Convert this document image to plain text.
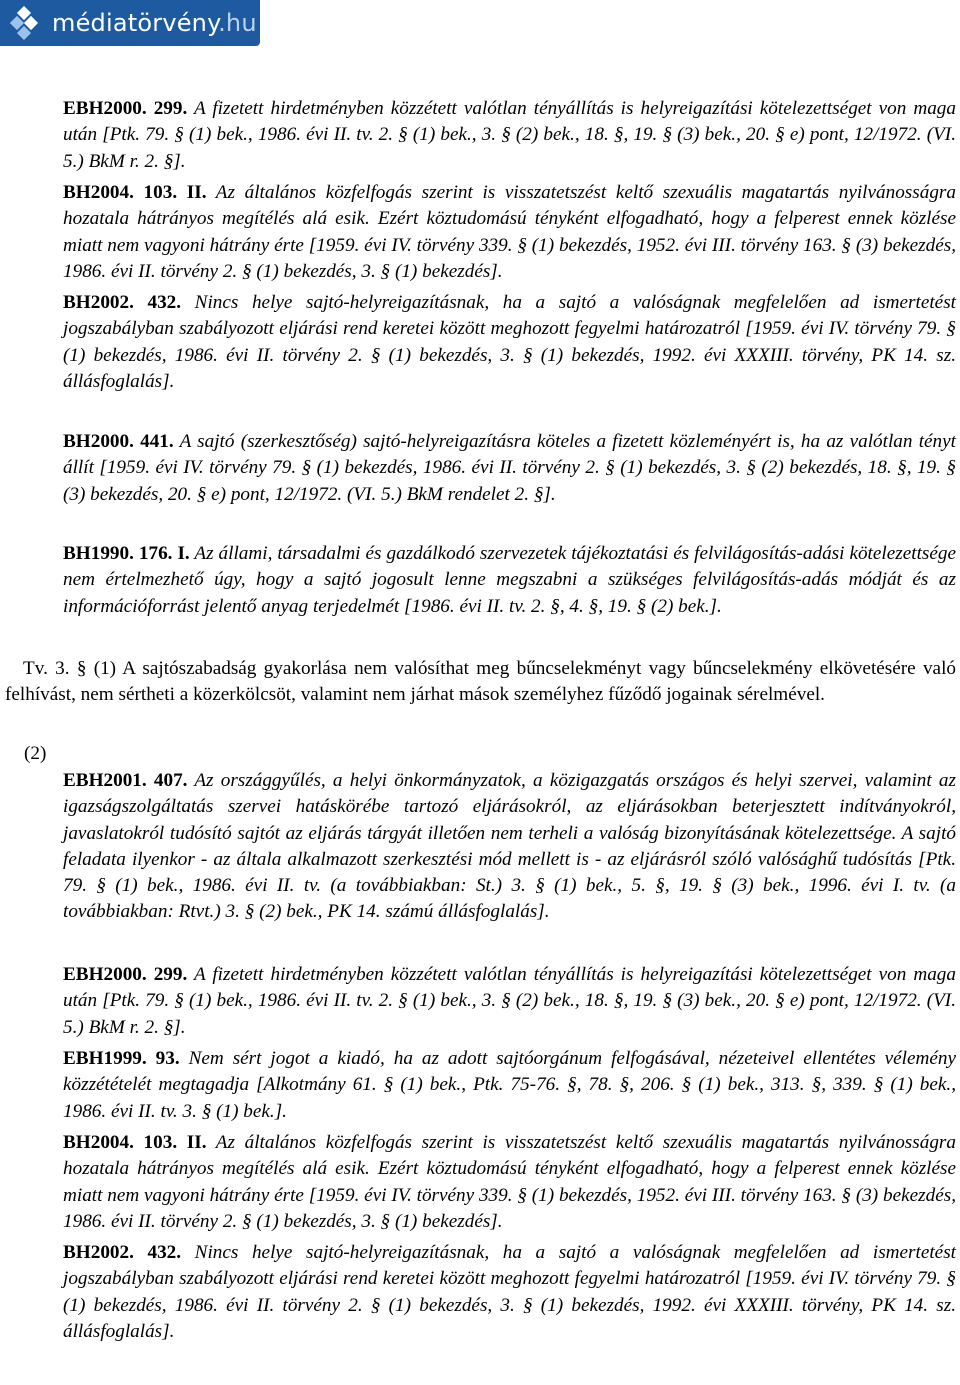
médiatörvény.hu

EBH2000. 299. A fizetett hirdetményben közzétett valótlan tényállítás is helyreigazítási kötelezettséget von maga után [Ptk. 79. § (1) bek., 1986. évi II. tv. 2. § (1) bek., 3. § (2) bek., 18. §, 19. § (3) bek., 20. § e) pont, 12/1972. (VI. 5.) BkM r. 2. §].

BH2004. 103. II. Az általános közfelfogás szerint is visszatetszést keltő szexuális magatartás nyilvánosságra hozatala hátrányos megítélés alá esik. Ezért köztudomású tényként elfogadható, hogy a felperest ennek közlése miatt nem vagyoni hátrány érte [1959. évi IV. törvény 339. § (1) bekezdés, 1952. évi III. törvény 163. § (3) bekezdés, 1986. évi II. törvény 2. § (1) bekezdés, 3. § (1) bekezdés].

BH2002. 432. Nincs helye sajtó-helyreigazításnak, ha a sajtó a valóságnak megfelelően ad ismertetést jogszabályban szabályozott eljárási rend keretei között meghozott fegyelmi határozatról [1959. évi IV. törvény 79. § (1) bekezdés, 1986. évi II. törvény 2. § (1) bekezdés, 3. § (1) bekezdés, 1992. évi XXXIII. törvény, PK 14. sz. állásfoglalás].

BH2000. 441. A sajtó (szerkesztőség) sajtó-helyreigazításra köteles a fizetett közleményért is, ha az valótlan tényt állít [1959. évi IV. törvény 79. § (1) bekezdés, 1986. évi II. törvény 2. § (1) bekezdés, 3. § (2) bekezdés, 18. §, 19. § (3) bekezdés, 20. § e) pont, 12/1972. (VI. 5.) BkM rendelet 2. §].

BH1990. 176. I. Az állami, társadalmi és gazdálkodó szervezetek tájékoztatási és felvilágosítás-adási kötelezettsége nem értelmezhető úgy, hogy a sajtó jogosult lenne megszabni a szükséges felvilágosítás-adás módját és az információforrást jelentő anyag terjedelmét [1986. évi II. tv. 2. §, 4. §, 19. § (2) bek.].

Tv. 3. § (1) A sajtószabadság gyakorlása nem valósíthat meg bűncselekményt vagy bűncselekmény elkövetésére való felhívást, nem sértheti a közerkölcsöt, valamint nem járhat mások személyhez fűződő jogainak sérelmével.

(2)

EBH2001. 407. Az országgyűlés, a helyi önkormányzatok, a közigazgatás országos és helyi szervei, valamint az igazságszolgáltatás szervei hatáskörébe tartozó eljárásokról, az eljárásokban beterjesztett indítványokról, javaslatokról tudósító sajtót az eljárás tárgyát illetően nem terheli a valóság bizonyításának kötelezettsége. A sajtó feladata ilyenkor - az általa alkalmazott szerkesztési mód mellett is - az eljárásról szóló valósághű tudósítás [Ptk. 79. § (1) bek., 1986. évi II. tv. (a továbbiakban: St.) 3. § (1) bek., 5. §, 19. § (3) bek., 1996. évi I. tv. (a továbbiakban: Rtvt.) 3. § (2) bek., PK 14. számú állásfoglalás].

EBH2000. 299. A fizetett hirdetményben közzétett valótlan tényállítás is helyreigazítási kötelezettséget von maga után [Ptk. 79. § (1) bek., 1986. évi II. tv. 2. § (1) bek., 3. § (2) bek., 18. §, 19. § (3) bek., 20. § e) pont, 12/1972. (VI. 5.) BkM r. 2. §].

EBH1999. 93. Nem sért jogot a kiadó, ha az adott sajtóorgánum felfogásával, nézeteivel ellentétes vélemény közzétételét megtagadja [Alkotmány 61. § (1) bek., Ptk. 75-76. §, 78. §, 206. § (1) bek., 313. §, 339. § (1) bek., 1986. évi II. tv. 3. § (1) bek.].

BH2004. 103. II. Az általános közfelfogás szerint is visszatetszést keltő szexuális magatartás nyilvánosságra hozatala hátrányos megítélés alá esik. Ezért köztudomású tényként elfogadható, hogy a felperest ennek közlése miatt nem vagyoni hátrány érte [1959. évi IV. törvény 339. § (1) bekezdés, 1952. évi III. törvény 163. § (3) bekezdés, 1986. évi II. törvény 2. § (1) bekezdés, 3. § (1) bekezdés].

BH2002. 432. Nincs helye sajtó-helyreigazításnak, ha a sajtó a valóságnak megfelelően ad ismertetést jogszabályban szabályozott eljárási rend keretei között meghozott fegyelmi határozatról [1959. évi IV. törvény 79. § (1) bekezdés, 1986. évi II. törvény 2. § (1) bekezdés, 3. § (1) bekezdés, 1992. évi XXXIII. törvény, PK 14. sz. állásfoglalás].
